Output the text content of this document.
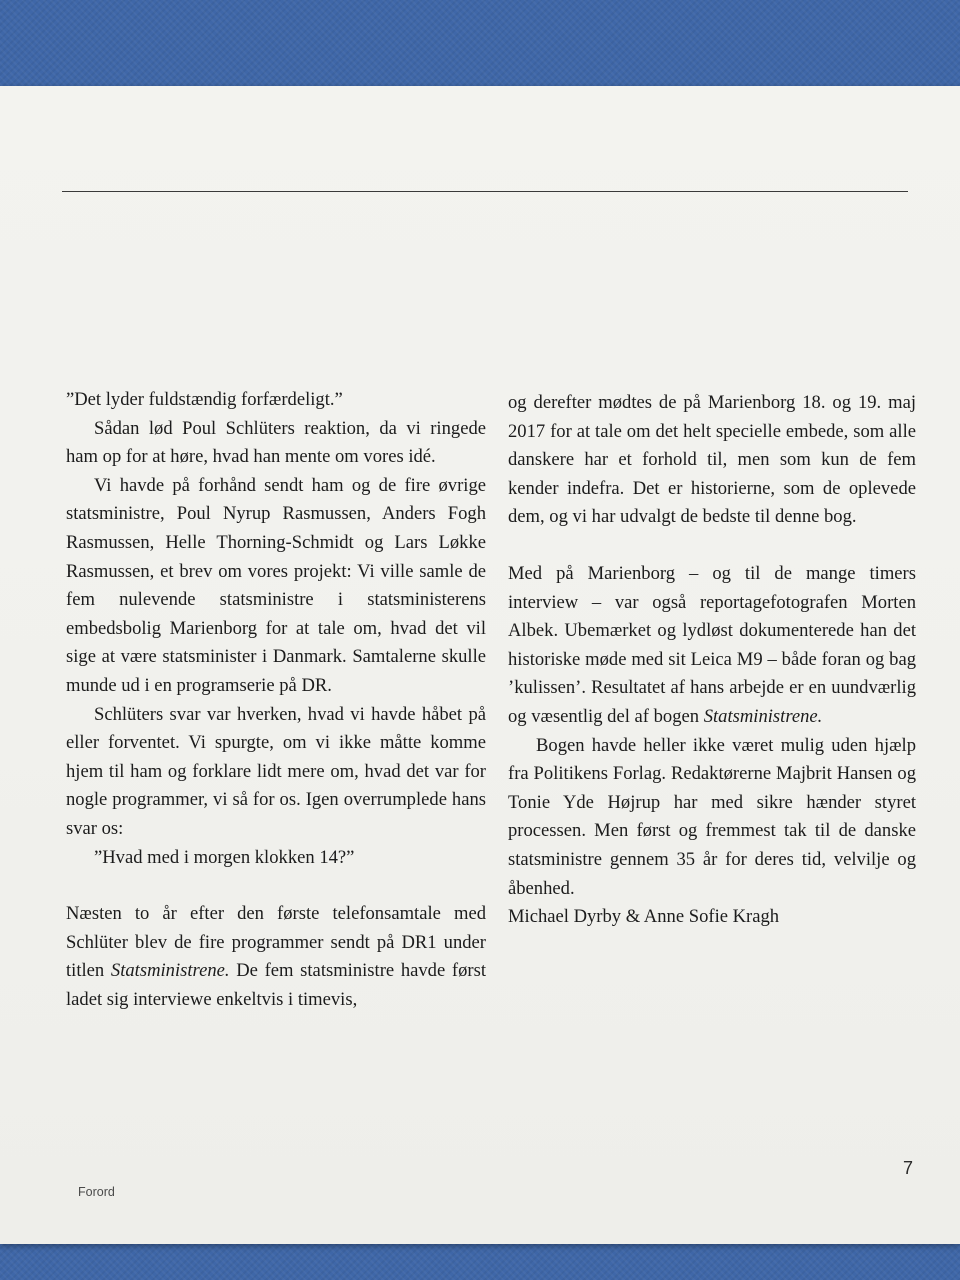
”Det lyder fuldstændig forfærdeligt.”

Sådan lød Poul Schlüters reaktion, da vi ringede ham op for at høre, hvad han mente om vores idé.

Vi havde på forhånd sendt ham og de fire øvrige statsministre, Poul Nyrup Rasmussen, Anders Fogh Rasmussen, Helle Thorning-Schmidt og Lars Løkke Rasmussen, et brev om vores projekt: Vi ville samle de fem nulevende statsministre i statsministerens embedsbolig Marienborg for at tale om, hvad det vil sige at være statsminister i Danmark. Samtalerne skulle munde ud i en programserie på DR.

Schlüters svar var hverken, hvad vi havde håbet på eller forventet. Vi spurgte, om vi ikke måtte komme hjem til ham og forklare lidt mere om, hvad det var for nogle programmer, vi så for os. Igen overrumplede hans svar os:

”Hvad med i morgen klokken 14?”

Næsten to år efter den første telefonsamtale med Schlüter blev de fire programmer sendt på DR1 under titlen Statsministrene. De fem statsministre havde først ladet sig interviewe enkeltvis i timevis,

og derefter mødtes de på Marienborg 18. og 19. maj 2017 for at tale om det helt specielle embede, som alle danskere har et forhold til, men som kun de fem kender indefra. Det er historierne, som de oplevede dem, og vi har udvalgt de bedste til denne bog.

Med på Marienborg – og til de mange timers interview – var også reportagefotografen Morten Albek. Ubemærket og lydløst dokumenterede han det historiske møde med sit Leica M9 – både foran og bag ’kulissen’. Resultatet af hans arbejde er en uundværlig og væsentlig del af bogen Statsministrene.

Bogen havde heller ikke været mulig uden hjælp fra Politikens Forlag. Redaktørerne Majbrit Hansen og Tonie Yde Højrup har med sikre hænder styret processen. Men først og fremmest tak til de danske statsministre gennem 35 år for deres tid, velvilje og åbenhed.

Michael Dyrby & Anne Sofie Kragh

Forord
7
